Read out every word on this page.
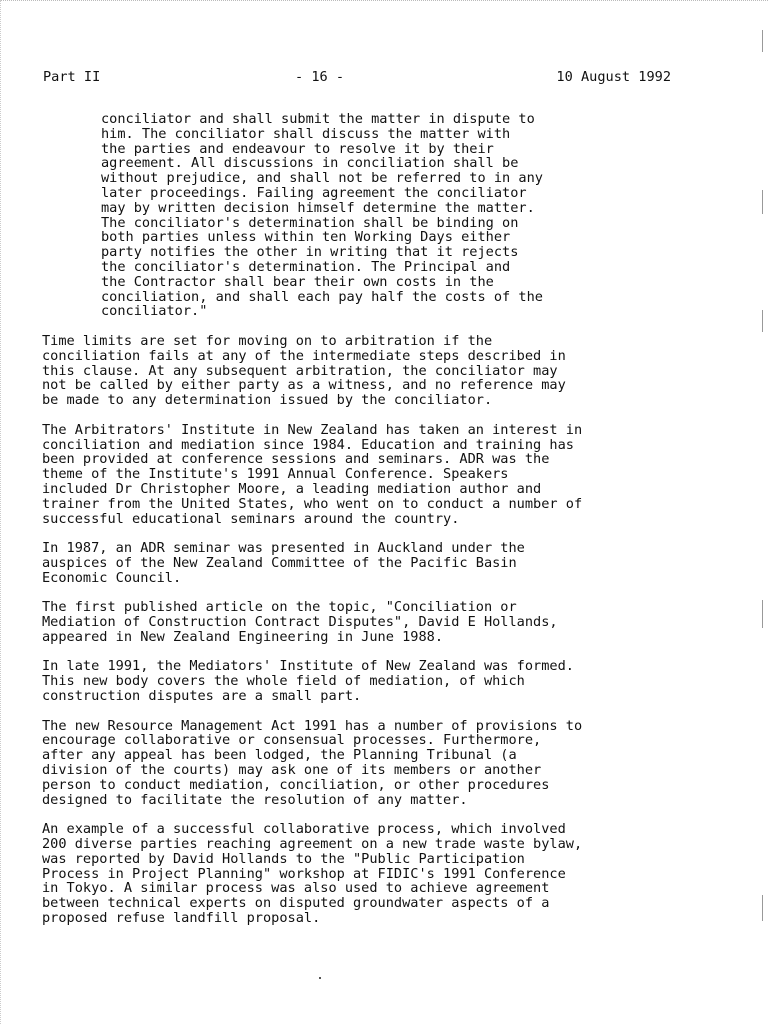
Part II	- 16 -	10 August 1992

conciliator and shall submit the matter in dispute to
him. The conciliator shall discuss the matter with
the parties and endeavour to resolve it by their
agreement. All discussions in conciliation shall be
without prejudice, and shall not be referred to in any
later proceedings. Failing agreement the conciliator
may by written decision himself determine the matter.
The conciliator's determination shall be binding on
both parties unless within ten Working Days either
party notifies the other in writing that it rejects
the conciliator's determination. The Principal and
the Contractor shall bear their own costs in the
conciliation, and shall each pay half the costs of the
conciliator."

Time limits are set for moving on to arbitration if the
conciliation fails at any of the intermediate steps described in
this clause. At any subsequent arbitration, the conciliator may
not be called by either party as a witness, and no reference may
be made to any determination issued by the conciliator.

The Arbitrators' Institute in New Zealand has taken an interest in
conciliation and mediation since 1984. Education and training has
been provided at conference sessions and seminars. ADR was the
theme of the Institute's 1991 Annual Conference. Speakers
included Dr Christopher Moore, a leading mediation author and
trainer from the United States, who went on to conduct a number of
successful educational seminars around the country.

In 1987, an ADR seminar was presented in Auckland under the
auspices of the New Zealand Committee of the Pacific Basin
Economic Council.

The first published article on the topic, "Conciliation or
Mediation of Construction Contract Disputes", David E Hollands,
appeared in New Zealand Engineering in June 1988.

In late 1991, the Mediators' Institute of New Zealand was formed.
This new body covers the whole field of mediation, of which
construction disputes are a small part.

The new Resource Management Act 1991 has a number of provisions to
encourage collaborative or consensual processes. Furthermore,
after any appeal has been lodged, the Planning Tribunal (a
division of the courts) may ask one of its members or another
person to conduct mediation, conciliation, or other procedures
designed to facilitate the resolution of any matter.

An example of a successful collaborative process, which involved
200 diverse parties reaching agreement on a new trade waste bylaw,
was reported by David Hollands to the "Public Participation
Process in Project Planning" workshop at FIDIC's 1991 Conference
in Tokyo. A similar process was also used to achieve agreement
between technical experts on disputed groundwater aspects of a
proposed refuse landfill proposal.
